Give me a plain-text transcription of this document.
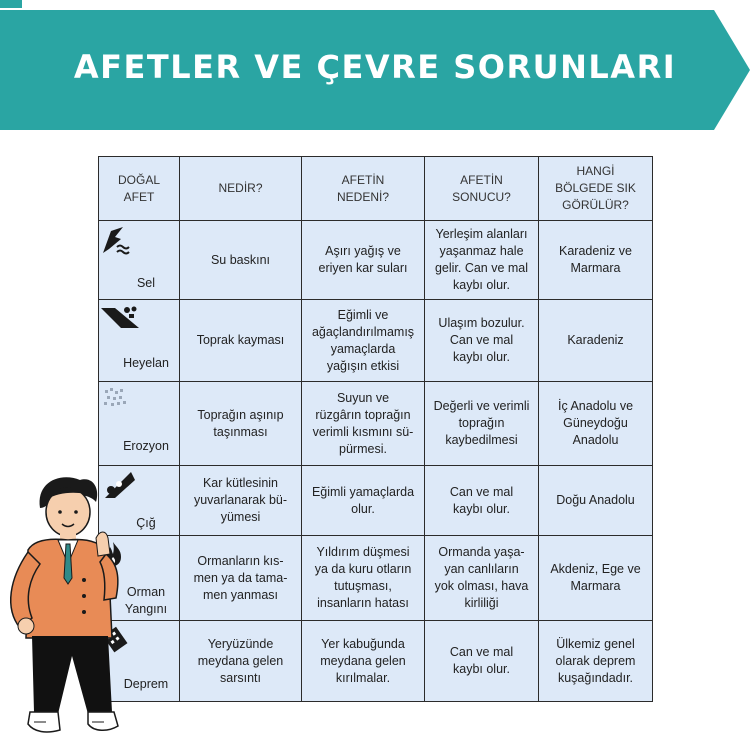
AFETLER VE ÇEVRE SORUNLARI
DOĞAL
AFET	NEDİR?	AFETİN
NEDENİ?	AFETİN
SONUCU?	HANGİ
BÖLGEDE SIK
GÖRÜLÜR?

Sel	Su baskını	Aşırı yağış ve
eriyen kar suları	Yerleşim alanları
yaşanmaz hale
gelir. Can ve mal
kaybı olur.	Karadeniz ve
Marmara

Heyelan	Toprak kayması	Eğimli ve
ağaçlandırılmamış
yamaçlarda
yağışın etkisi	Ulaşım bozulur.
Can ve mal
kaybı olur.	Karadeniz

Erozyon	Toprağın aşınıp
taşınması	Suyun ve
rüzgârın toprağın
verimli kısmını sü-
pürmesi.	Değerli ve verimli
toprağın
kaybedilmesi	İç Anadolu ve
Güneydoğu
Anadolu

Çığ	Kar kütlesinin
yuvarlanarak bü-
yümesi	Eğimli yamaçlarda
olur.	Can ve mal
kaybı olur.	Doğu Anadolu

Orman
Yangını	Ormanların kıs-
men ya da tama-
men yanması	Yıldırım düşmesi
ya da kuru otların
tutuşması,
insanların hatası	Ormanda yaşa-
yan canlıların
yok olması, hava
kirliliği	Akdeniz, Ege ve
Marmara

Deprem	Yeryüzünde
meydana gelen
sarsıntı	Yer kabuğunda
meydana gelen
kırılmalar.	Can ve mal
kaybı olur.	Ülkemiz genel
olarak deprem
kuşağındadır.
